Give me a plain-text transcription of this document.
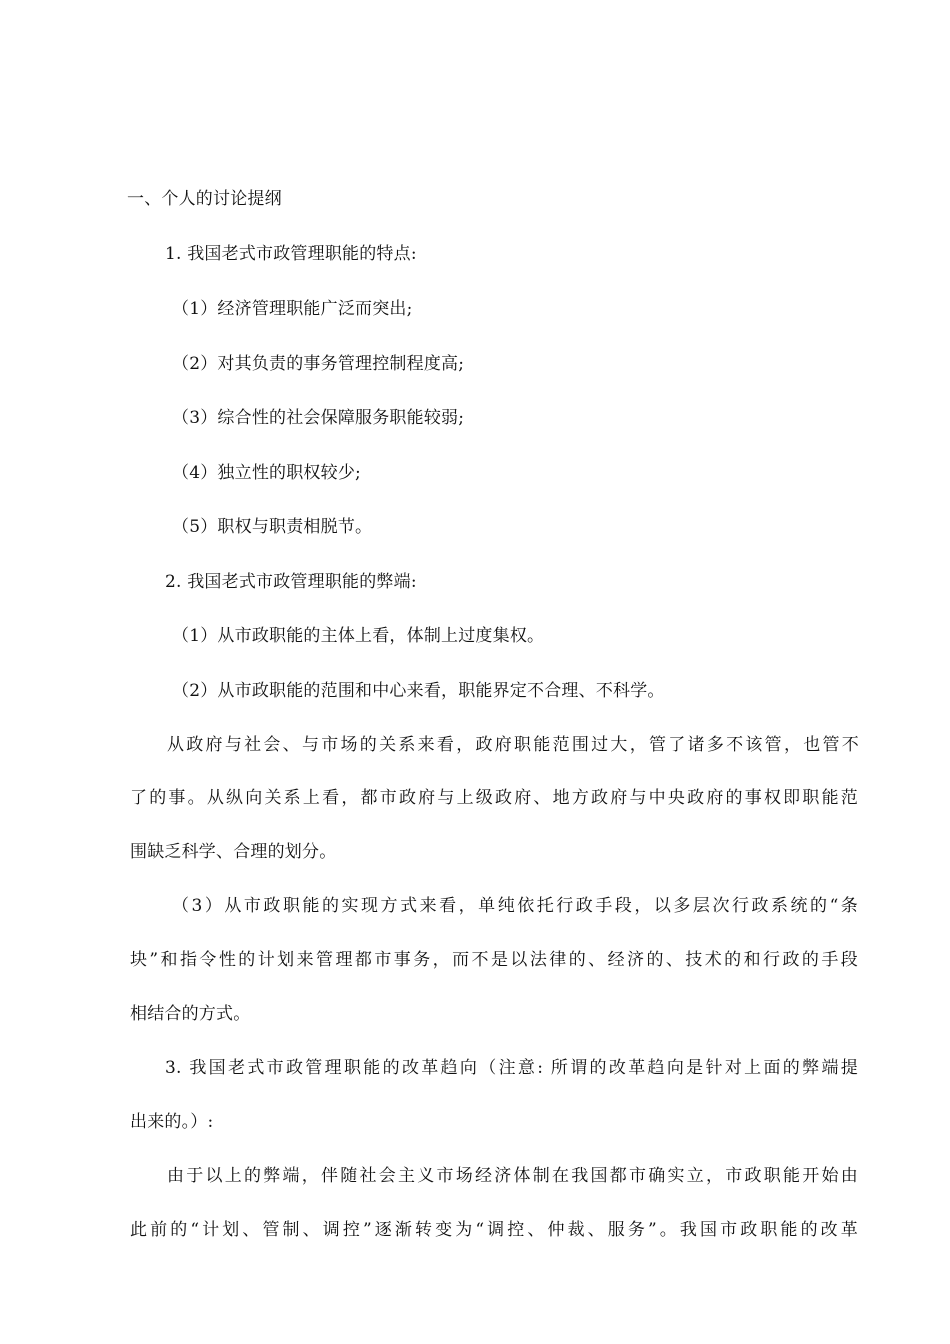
一、个人的讨论提纲
1. 我国老式市政管理职能的特点:
（1）经济管理职能广泛而突出;
（2）对其负责的事务管理控制程度高;
（3）综合性的社会保障服务职能较弱;
（4）独立性的职权较少;
（5）职权与职责相脱节。
2. 我国老式市政管理职能的弊端:
（1）从市政职能的主体上看，体制上过度集权。
（2）从市政职能的范围和中心来看，职能界定不合理、不科学。
从政府与社会、与市场的关系来看，政府职能范围过大，管了诸多不该管，也管不
了的事。从纵向关系上看，都市政府与上级政府、地方政府与中央政府的事权即职能范
围缺乏科学、合理的划分。
（3）从市政职能的实现方式来看，单纯依托行政手段，以多层次行政系统的“条
块”和指令性的计划来管理都市事务，而不是以法律的、经济的、技术的和行政的手段
相结合的方式。
3. 我国老式市政管理职能的改革趋向（注意: 所谓的改革趋向是针对上面的弊端提
出来的。）:
由于以上的弊端，伴随社会主义市场经济体制在我国都市确实立，市政职能开始由
此前的“计划、管制、调控”逐渐转变为“调控、仲裁、服务”。我国市政职能的改革
